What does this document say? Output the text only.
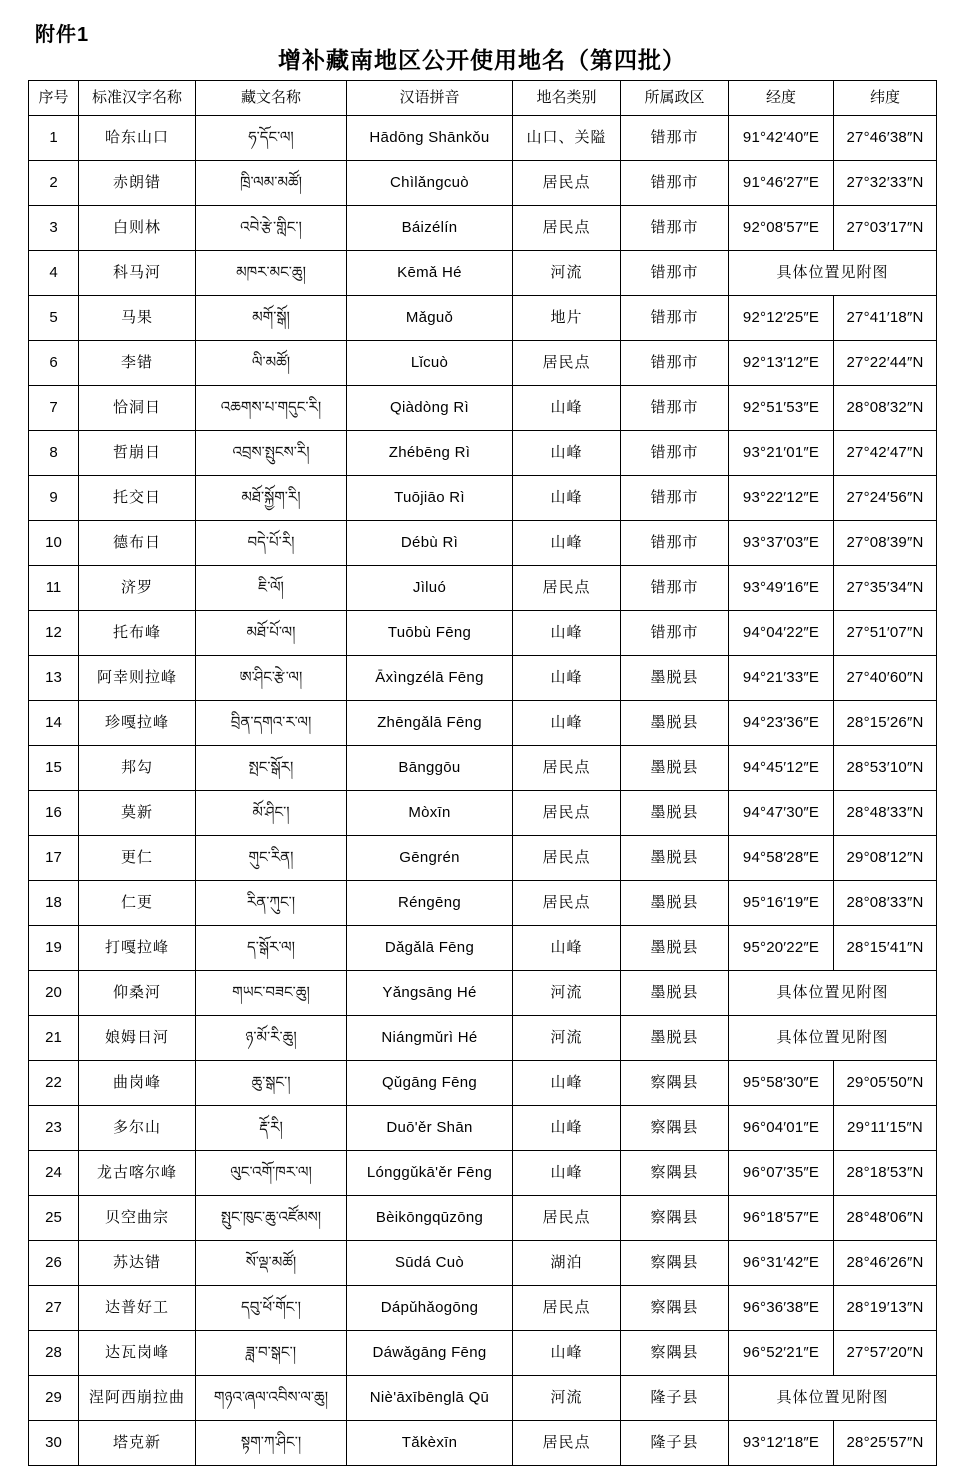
附件1
增补藏南地区公开使用地名（第四批）
序号	标准汉字名称	藏文名称	汉语拼音	地名类别	所属政区	经度	纬度
1	哈东山口	ཧ་དོང་ལ།	Hādōng Shānkǒu	山口、关隘	错那市	91°42′40″E	27°46′38″N
2	赤朗错	ཁྲི་ལམ་མཚོ།	Chìlǎngcuò	居民点	错那市	91°46′27″E	27°32′33″N
3	白则林	འབེ་རྩེ་གླིང་།	Báizélín	居民点	错那市	92°08′57″E	27°03′17″N
4	科马河	མཁར་མང་ཆུ།	Kēmǎ Hé	河流	错那市	具体位置见附图	
5	马果	མགོ་སྒོ།	Mǎguǒ	地片	错那市	92°12′25″E	27°41′18″N
6	李错	ལི་མཚོ།	Lǐcuò	居民点	错那市	92°13′12″E	27°22′44″N
7	恰洞日	འཆགས་པ་གདུང་རི།	Qiàdòng Rì	山峰	错那市	92°51′53″E	28°08′32″N
8	哲崩日	འབྲས་སྤུངས་རི།	Zhébēng Rì	山峰	错那市	93°21′01″E	27°42′47″N
9	托交日	མཐོ་སྐྱོག་རི།	Tuōjiāo Rì	山峰	错那市	93°22′12″E	27°24′56″N
10	德布日	བདེ་པོ་རི།	Débù Rì	山峰	错那市	93°37′03″E	27°08′39″N
11	济罗	ཇི་ལོ།	Jìluó	居民点	错那市	93°49′16″E	27°35′34″N
12	托布峰	མཐོ་པོ་ལ།	Tuōbù Fēng	山峰	错那市	94°04′22″E	27°51′07″N
13	阿幸则拉峰	ཨ་ཤིང་རྩེ་ལ།	Āxìngzélā Fēng	山峰	墨脱县	94°21′33″E	27°40′60″N
14	珍嘎拉峰	བྲིན་དགའ་ར་ལ།	Zhēngǎlā Fēng	山峰	墨脱县	94°23′36″E	28°15′26″N
15	邦勾	སྤང་སྒོར།	Bānggōu	居民点	墨脱县	94°45′12″E	28°53′10″N
16	莫新	མོ་ཤིང་།	Mòxīn	居民点	墨脱县	94°47′30″E	28°48′33″N
17	更仁	གུང་རིན།	Gēngrén	居民点	墨脱县	94°58′28″E	29°08′12″N
18	仁更	རིན་ཀུང་།	Réngēng	居民点	墨脱县	95°16′19″E	28°08′33″N
19	打嘎拉峰	ད་སྒོར་ལ།	Dǎgǎlā Fēng	山峰	墨脱县	95°20′22″E	28°15′41″N
20	仰桑河	གཡང་བཟང་ཆུ།	Yǎngsāng Hé	河流	墨脱县	具体位置见附图	
21	娘姆日河	ཉ་མོ་རི་ཆུ།	Niángmǔrì Hé	河流	墨脱县	具体位置见附图	
22	曲岗峰	ཆུ་སྒང་།	Qǔgāng Fēng	山峰	察隅县	95°58′30″E	29°05′50″N
23	多尔山	རྡོ་རི།	Duō'ěr Shān	山峰	察隅县	96°04′01″E	29°11′15″N
24	龙古喀尔峰	ལུང་འགོ་ཁར་ལ།	Lónggǔkā'ěr Fēng	山峰	察隅县	96°07′35″E	28°18′53″N
25	贝空曲宗	སྤུང་ཁུང་ཆུ་འཛོམས།	Bèikōngqūzōng	居民点	察隅县	96°18′57″E	28°48′06″N
26	苏达错	སོ་ལྡ་མཚོ།	Sūdá Cuò	湖泊	察隅县	96°31′42″E	28°46′26″N
27	达普好工	དབུ་ཕོ་གོང་།	Dápǔhǎogōng	居民点	察隅县	96°36′38″E	28°19′13″N
28	达瓦岗峰	ཟླ་བ་སྒང་།	Dáwǎgāng Fēng	山峰	察隅县	96°52′21″E	27°57′20″N
29	涅阿西崩拉曲	གཉའ་ཞལ་འབིས་ལ་ཆུ།	Niè'āxībēnglā Qū	河流	隆子县	具体位置见附图	
30	塔克新	སྟག་ཀ་ཤིང་།	Tǎkèxīn	居民点	隆子县	93°12′18″E	28°25′57″N
